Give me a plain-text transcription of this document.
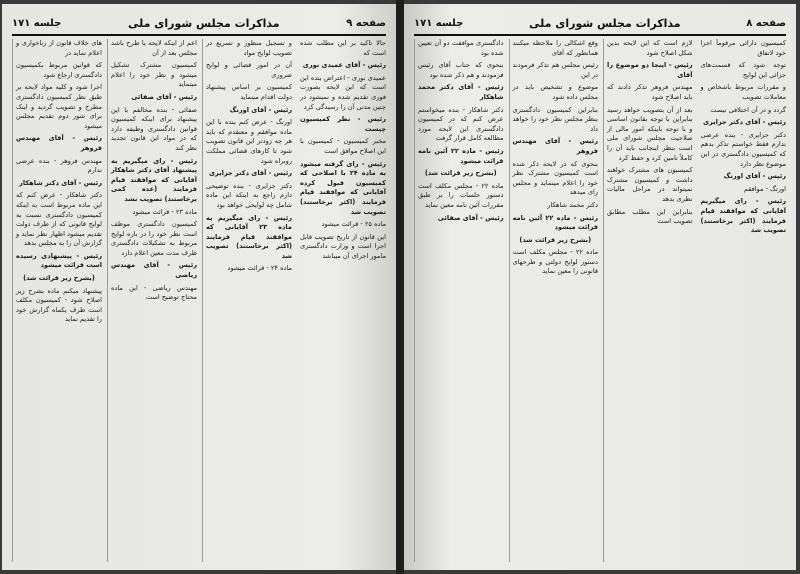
صفحه ۹
مذاکرات مجلس شورای ملی
جلسه ۱۷۱

های خلاف قانون از رباخواری و اعلام نماید در

که قوانین مربوط بکمیسیون دادگستری ارجاع شود

اجرا شود و کلیه مواد لایحه بر طبق نظر کمیسیون دادگستری مطرح و تصویب گردید و اینک برای شور دوم تقدیم مجلس میشود

رئیس - آقای مهندس فروهر

مهندس فروهر - بنده عرضی ندارم

رئیس - آقای دکتر شاهکار

دکتر شاهکار - عرض کنم که این ماده مربوط است به اینکه کمیسیون دادگستری نسبت به لوایح قانونی که از طرف دولت تقدیم میشود اظهار نظر نماید و گزارش آن را به مجلس بدهد

رئیس - پیشنهادی رسیده است قرائت میشود

(بشرح زیر قرائت شد)

پیشنهاد میکنم ماده بشرح زیر اصلاح شود - کمیسیون مکلف است ظرف یکماه گزارش خود را تقدیم نماید

اعم از اینکه لایحه یا طرح باشد مجلس بعد از آن

کمیسیون مشترک تشکیل میشود و نظر خود را اعلام مینماید

رئیس - آقای صفائی

صفائی - بنده مخالفم با این پیشنهاد برای اینکه کمیسیون قوانین دادگستری وظیفه دارد که در مواد این قانون تجدید نظر کند

رئیس - رای میگیریم به پیشنهاد آقای دکتر شاهکار آقایانی که موافقند قیام فرمایند (عده کمی برخاستند) تصویب نشد

ماده ۲۳ - قرائت میشود

کمیسیون دادگستری موظف است نظر خود را در باره لوایح مربوط به تشکیلات دادگستری ظرف مدت معین اعلام دارد

رئیس - آقای مهندس ریاضی

مهندس ریاضی - این ماده محتاج توضیح است

و تسجیل منظور و تسریع در تصویب لوایح مواد

آن در امور قضائی و لوایح ضروری

کمیسیون بر اساس پیشنهاد دولت اقدام مینماید

رئیس - آقای اورنگ

اورنگ - عرض کنم بنده با این ماده موافقم و معتقدم که باید هر چه زودتر این قانون تصویب شود تا کارهای قضائی مملکت روبراه شود

رئیس - آقای دکتر جزایری

دکتر جزایری - بنده توضیحی دارم راجع به اینکه این ماده شامل چه لوایحی خواهد بود

رئیس - رای میگیریم به ماده ۲۳ آقایانی که موافقند قیام فرمایند (اکثر برخاستند) تصویب شد

ماده ۲۴ - قرائت میشود

حالا تاکید بر این مطلب شده است که

رئیس - آقای عمیدی نوری

عمیدی نوری - اعتراض بنده این است که این لایحه بصورت فوری تقدیم شده و نمیشود در چنین مدتی آن را رسیدگی کرد

رئیس - نظر کمیسیون چیست

مخبر کمیسیون - کمیسیون با این اصلاح موافق است

رئیس - رای گرفته میشود به ماده ۲۴ با اصلاحی که کمیسیون قبول کرده آقایانی که موافقند قیام فرمایند (اکثر برخاستند) تصویب شد

ماده ۲۵ - قرائت میشود

این قانون از تاریخ تصویب قابل اجرا است و وزارت دادگستری مامور اجرای آن میباشد

صفحه ۸
مذاکرات مجلس شورای ملی
جلسه ۱۷۱

دادگستری موافقت دو آن تعیین شده بود

بنحوی که جناب آقای رئیس فرمودند و هم ذکر شده بود

رئیس - آقای دکتر محمد شاهکار

دکتر شاهکار - بنده میخواستم عرض کنم که در کمیسیون دادگستری این لایحه مورد مطالعه کامل قرار گرفت

رئیس - ماده ۲۲ آئین نامه قرائت میشود

(بشرح زیر قرائت شد)

ماده ۲۲ - مجلس مکلف است دستور جلسات را بر طبق مقررات آئین نامه معین نماید

رئیس - آقای صفائی

وقع اشکالی را ملاحظه میکنند همانطور که آقای

رئیس مجلس هم تذکر فرمودند در این

موضوع و تشخیص باید در مجلس داده شود

بنابراین کمیسیون دادگستری بنظر مجلس نظر خود را خواهد داد

رئیس - آقای مهندس فروهر

بنحوی که در لایحه ذکر شده است کمیسیون مشترک نظر خود را اعلام مینماید و مجلس رای میدهد

دکتر محمد شاهکار

رئیس - ماده ۲۲ آئین نامه قرائت میشود

(بشرح زیر قرائت شد)

ماده ۲۲ - مجلس مکلف است دستور لوایح دولتی و طرحهای قانونی را معین نماید

لازم است که این لایحه بدین شکل اصلاح شود

رئیس - اینجا دو موضوع را آقای

مهندس فروهر تذکر دادند که باید اصلاح شود

بعد از آن بتصویب خواهد رسید بنابراین با توجه بقانون اساسی و با توجه باینکه امور مالی از صلاحیت مجلس شورای ملی است بنظر اینجانب باید آن را کاملاً تامین کرد و حفظ کرد

کمیسیون های مشترک خواهند داشت و کمیسیون مشترک نمیتواند در مراحل مالیات نظری بدهد

بنابراین این مطلب مطابق تصویب است

کمیسیون دارائی مرقوماً اجرا خود لاتفاق

توجه شود که قسمت‌های جزائی این لوایح

و مقررات مربوط باشخاص و معاملات تصویب

گردد و در آن اختلافی نیست

رئیس - آقای دکتر جزایری

دکتر جزایری - بنده عرضی ندارم فقط خواستم تذکر بدهم که کمیسیون دادگستری در این موضوع نظر دارد

رئیس - آقای اورنگ

اورنگ - موافقم

رئیس - رای میگیریم آقایانی که موافقند قیام فرمایند (اکثر برخاستند) تصویب شد
